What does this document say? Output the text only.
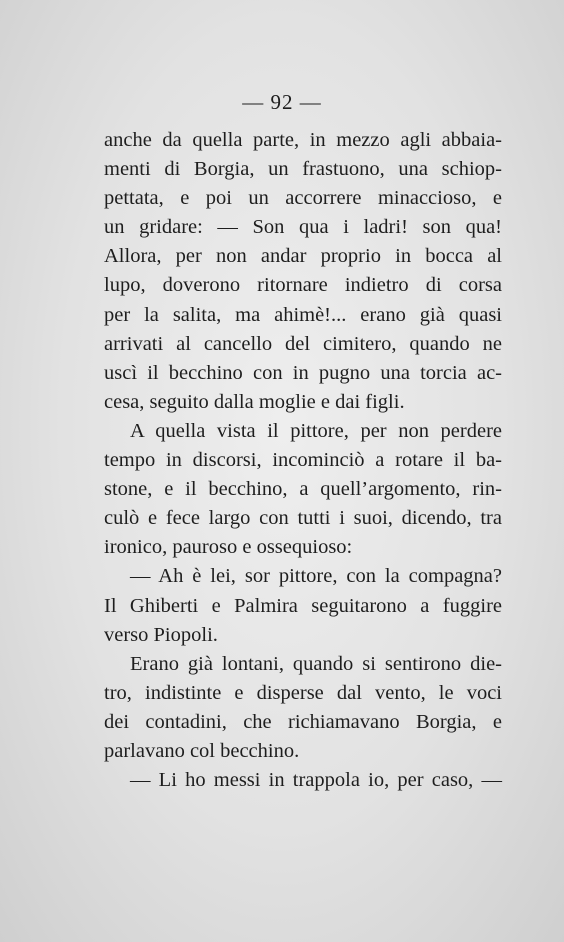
— 92 —
anche da quella parte, in mezzo agli abbaia-
menti di Borgia, un frastuono, una schiop-
pettata, e poi un accorrere minaccioso, e
un gridare: — Son qua i ladri! son qua!
Allora, per non andar proprio in bocca al
lupo, doverono ritornare indietro di corsa
per la salita, ma ahimè!... erano già quasi
arrivati al cancello del cimitero, quando ne
uscì il becchino con in pugno una torcia ac-
cesa, seguito dalla moglie e dai figli.
A quella vista il pittore, per non perdere
tempo in discorsi, incominciò a rotare il ba-
stone, e il becchino, a quell’argomento, rin-
culò e fece largo con tutti i suoi, dicendo, tra
ironico, pauroso e ossequioso:
— Ah è lei, sor pittore, con la compagna?
Il Ghiberti e Palmira seguitarono a fuggire
verso Piopoli.
Erano già lontani, quando si sentirono die-
tro, indistinte e disperse dal vento, le voci
dei contadini, che richiamavano Borgia, e
parlavano col becchino.
— Li ho messi in trappola io, per caso, —
